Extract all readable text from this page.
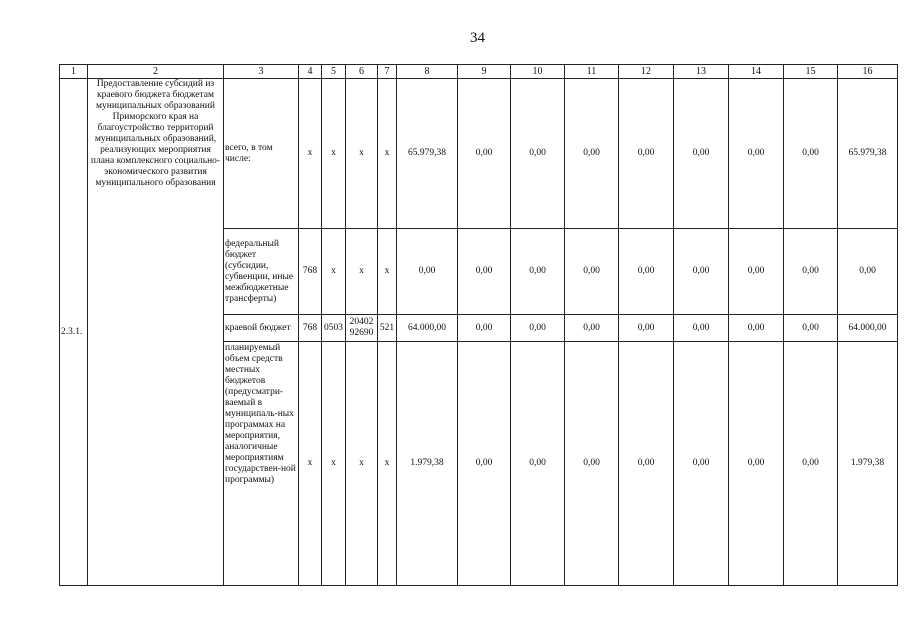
34
1	2	3	4	5	6	7	8	9	10	11	12	13	14	15	16
2.3.1.	Предоставление субсидий из краевого бюджета бюджетам муниципальных образований Приморского края на благоустройство территорий муниципальных образований, реализующих мероприятия плана комплексного социально-экономического развития муниципального образования	всего, в том числе:	x	x	x	x	65.979,38	0,00	0,00	0,00	0,00	0,00	0,00	0,00	65.979,38
		федеральный бюджет (субсидии, субвенции, иные межбюджетные трансферты)	768	x	x	x	0,00	0,00	0,00	0,00	0,00	0,00	0,00	0,00	0,00
		краевой бюджет	768	0503	20402 92690	521	64.000,00	0,00	0,00	0,00	0,00	0,00	0,00	0,00	64.000,00
		планируемый объем средств местных бюджетов (предусматри-ваемый в муниципаль-ных программах на мероприятия, аналогичные мероприятиям государствен-ной программы)	x	x	x	x	1.979,38	0,00	0,00	0,00	0,00	0,00	0,00	0,00	1.979,38
